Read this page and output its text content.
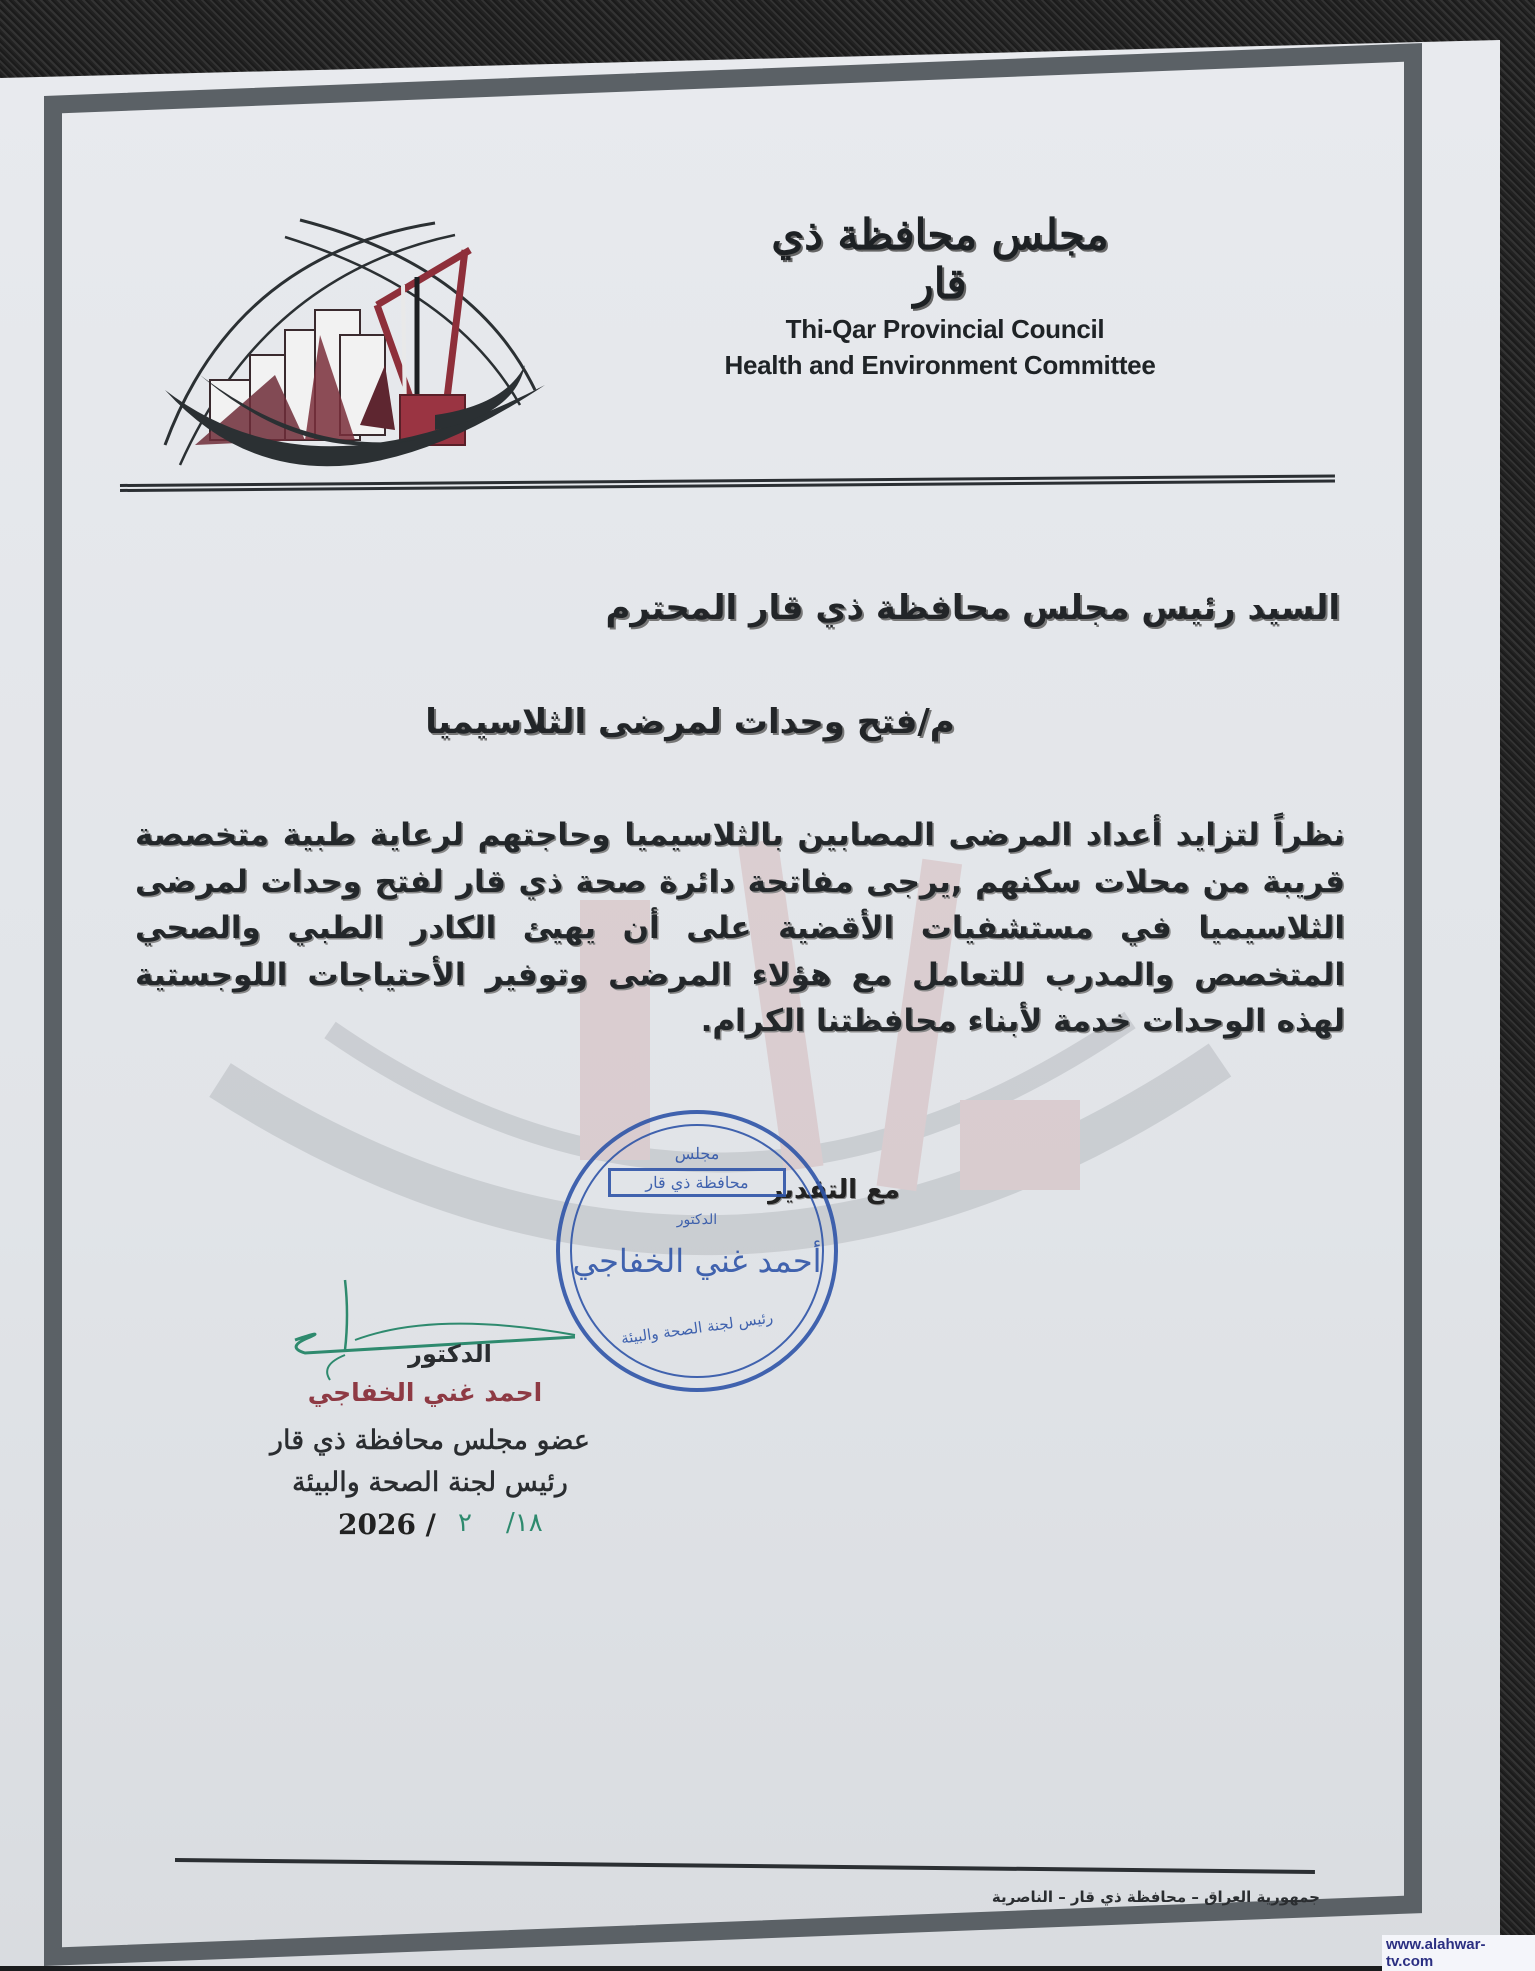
مجلس محافظة ذي قار
Thi-Qar Provincial Council
Health and Environment Committee
السيد رئيس مجلس محافظة ذي قار المحترم
م/فتح وحدات لمرضى الثلاسيميا
نظراً لتزايد أعداد المرضى المصابين بالثلاسيميا وحاجتهم لرعاية طبية متخصصة قريبة من محلات سكنهم ,يرجى مفاتحة دائرة صحة ذي قار لفتح وحدات لمرضى الثلاسيميا في مستشفيات الأقضية على أن يهيئ الكادر الطبي والصحي المتخصص والمدرب للتعامل مع هؤلاء المرضى وتوفير الأحتياجات اللوجستية لهذه الوحدات خدمة لأبناء محافظتنا الكرام.
مع التقدير
مجلس
محافظة ذي قار
الدكتور
أحمد غني الخفاجي
رئيس لجنة الصحة والبيئة
الدكتور
احمد غني الخفاجي
عضو مجلس محافظة ذي قار
رئيس لجنة الصحة والبيئة
2026 / ٢ /١٨
جمهورية العراق – محافظة ذي قار – الناصرية
www.alahwar-tv.com
